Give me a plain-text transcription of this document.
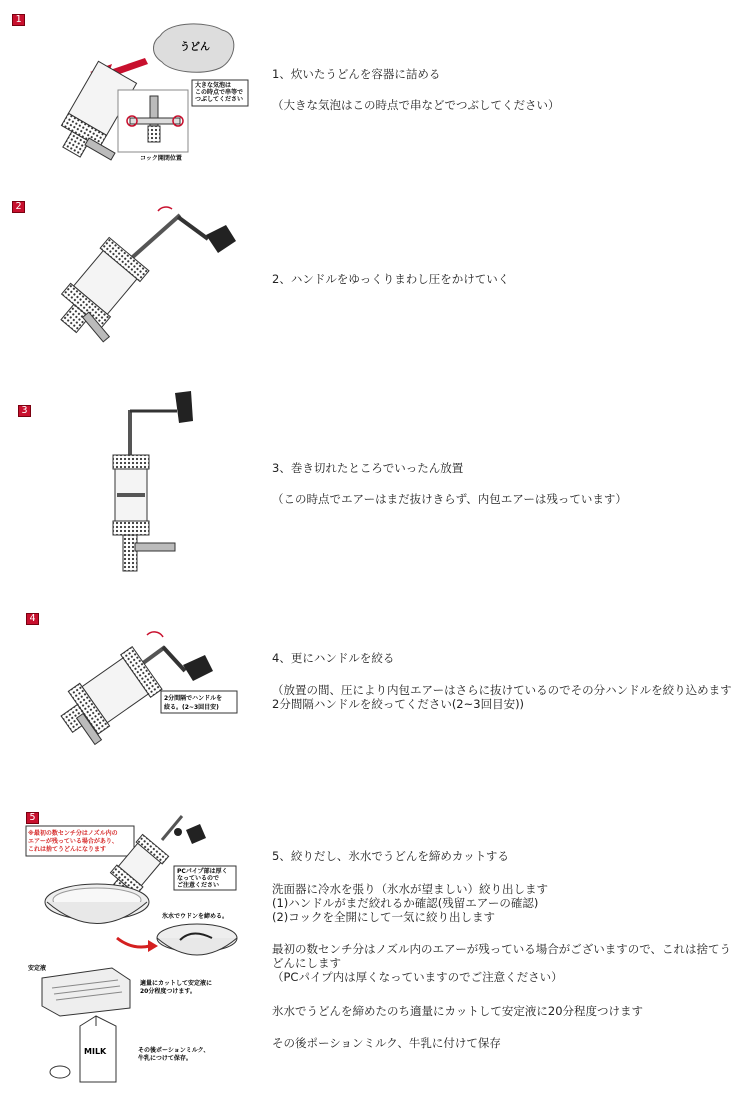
1
うどん
大きな気泡はこの時点で串等でつぶしてください
コック開閉位置
1、炊いたうどんを容器に詰める
（大きな気泡はこの時点で串などでつぶしてください）
2
2、ハンドルをゆっくりまわし圧をかけていく
3
3、巻き切れたところでいったん放置
（この時点でエアーはまだ抜けきらず、内包エアーは残っています）
4
2分間隔でハンドルを絞る。(2~3回目安)
4、更にハンドルを絞る
（放置の間、圧により内包エアーはさらに抜けているのでその分ハンドルを絞り込めます
2分間隔ハンドルを絞ってください(2~3回目安))
5
※最初の数センチ分はノズル内のエアーが残っている場合があり、これは捨てうどんになります
PCパイプ部は厚くなっているのでご注意ください
氷水でウドンを締める。
安定液
適量にカットして安定液に 20分程度つけます。
MILK	その後ポーションミルク、牛乳につけて保存。
5、絞りだし、氷水でうどんを締めカットする
洗面器に冷水を張り（氷水が望ましい）絞り出します
(1)ハンドルがまだ絞れるか確認(残留エアーの確認)
(2)コックを全開にして一気に絞り出します
最初の数センチ分はノズル内のエアーが残っている場合がございますので、これは捨てうどんにします
（PCパイプ内は厚くなっていますのでご注意ください）
氷水でうどんを締めたのち適量にカットして安定液に20分程度つけます
その後ポーションミルク、牛乳に付けて保存
